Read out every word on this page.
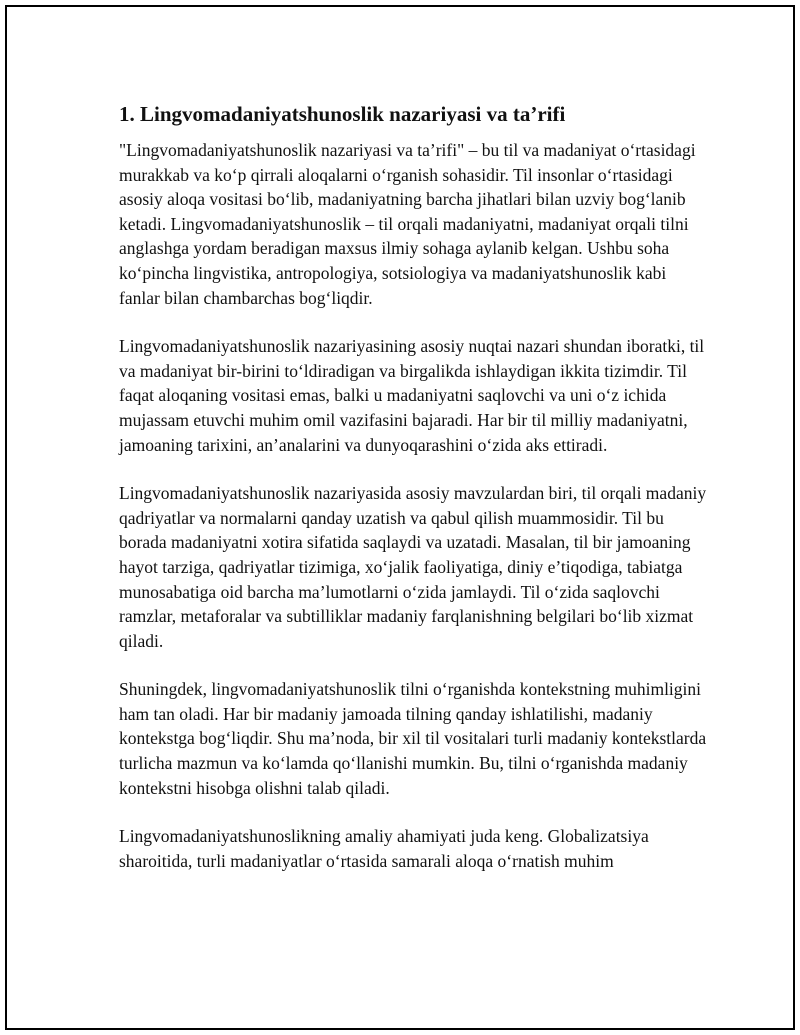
1. Lingvomadaniyatshunoslik nazariyasi va ta’rifi

"Lingvomadaniyatshunoslik nazariyasi va ta’rifi" – bu til va madaniyat o‘rtasidagi murakkab va ko‘p qirrali aloqalarni o‘rganish sohasidir. Til insonlar o‘rtasidagi asosiy aloqa vositasi bo‘lib, madaniyatning barcha jihatlari bilan uzviy bog‘lanib ketadi. Lingvomadaniyatshunoslik – til orqali madaniyatni, madaniyat orqali tilni anglashga yordam beradigan maxsus ilmiy sohaga aylanib kelgan. Ushbu soha ko‘pincha lingvistika, antropologiya, sotsiologiya va madaniyatshunoslik kabi fanlar bilan chambarchas bog‘liqdir.

Lingvomadaniyatshunoslik nazariyasining asosiy nuqtai nazari shundan iboratki, til va madaniyat bir-birini to‘ldiradigan va birgalikda ishlaydigan ikkita tizimdir. Til faqat aloqaning vositasi emas, balki u madaniyatni saqlovchi va uni o‘z ichida mujassam etuvchi muhim omil vazifasini bajaradi. Har bir til milliy madaniyatni, jamoaning tarixini, an’analarini va dunyoqarashini o‘zida aks ettiradi.

Lingvomadaniyatshunoslik nazariyasida asosiy mavzulardan biri, til orqali madaniy qadriyatlar va normalarni qanday uzatish va qabul qilish muammosidir. Til bu borada madaniyatni xotira sifatida saqlaydi va uzatadi. Masalan, til bir jamoaning hayot tarziga, qadriyatlar tizimiga, xo‘jalik faoliyatiga, diniy e’tiqodiga, tabiatga munosabatiga oid barcha ma’lumotlarni o‘zida jamlaydi. Til o‘zida saqlovchi ramzlar, metaforalar va subtilliklar madaniy farqlanishning belgilari bo‘lib xizmat qiladi.

Shuningdek, lingvomadaniyatshunoslik tilni o‘rganishda kontekstning muhimligini ham tan oladi. Har bir madaniy jamoada tilning qanday ishlatilishi, madaniy kontekstga bog‘liqdir. Shu ma’noda, bir xil til vositalari turli madaniy kontekstlarda turlicha mazmun va ko‘lamda qo‘llanishi mumkin. Bu, tilni o‘rganishda madaniy kontekstni hisobga olishni talab qiladi.

Lingvomadaniyatshunoslikning amaliy ahamiyati juda keng. Globalizatsiya sharoitida, turli madaniyatlar o‘rtasida samarali aloqa o‘rnatish muhim
